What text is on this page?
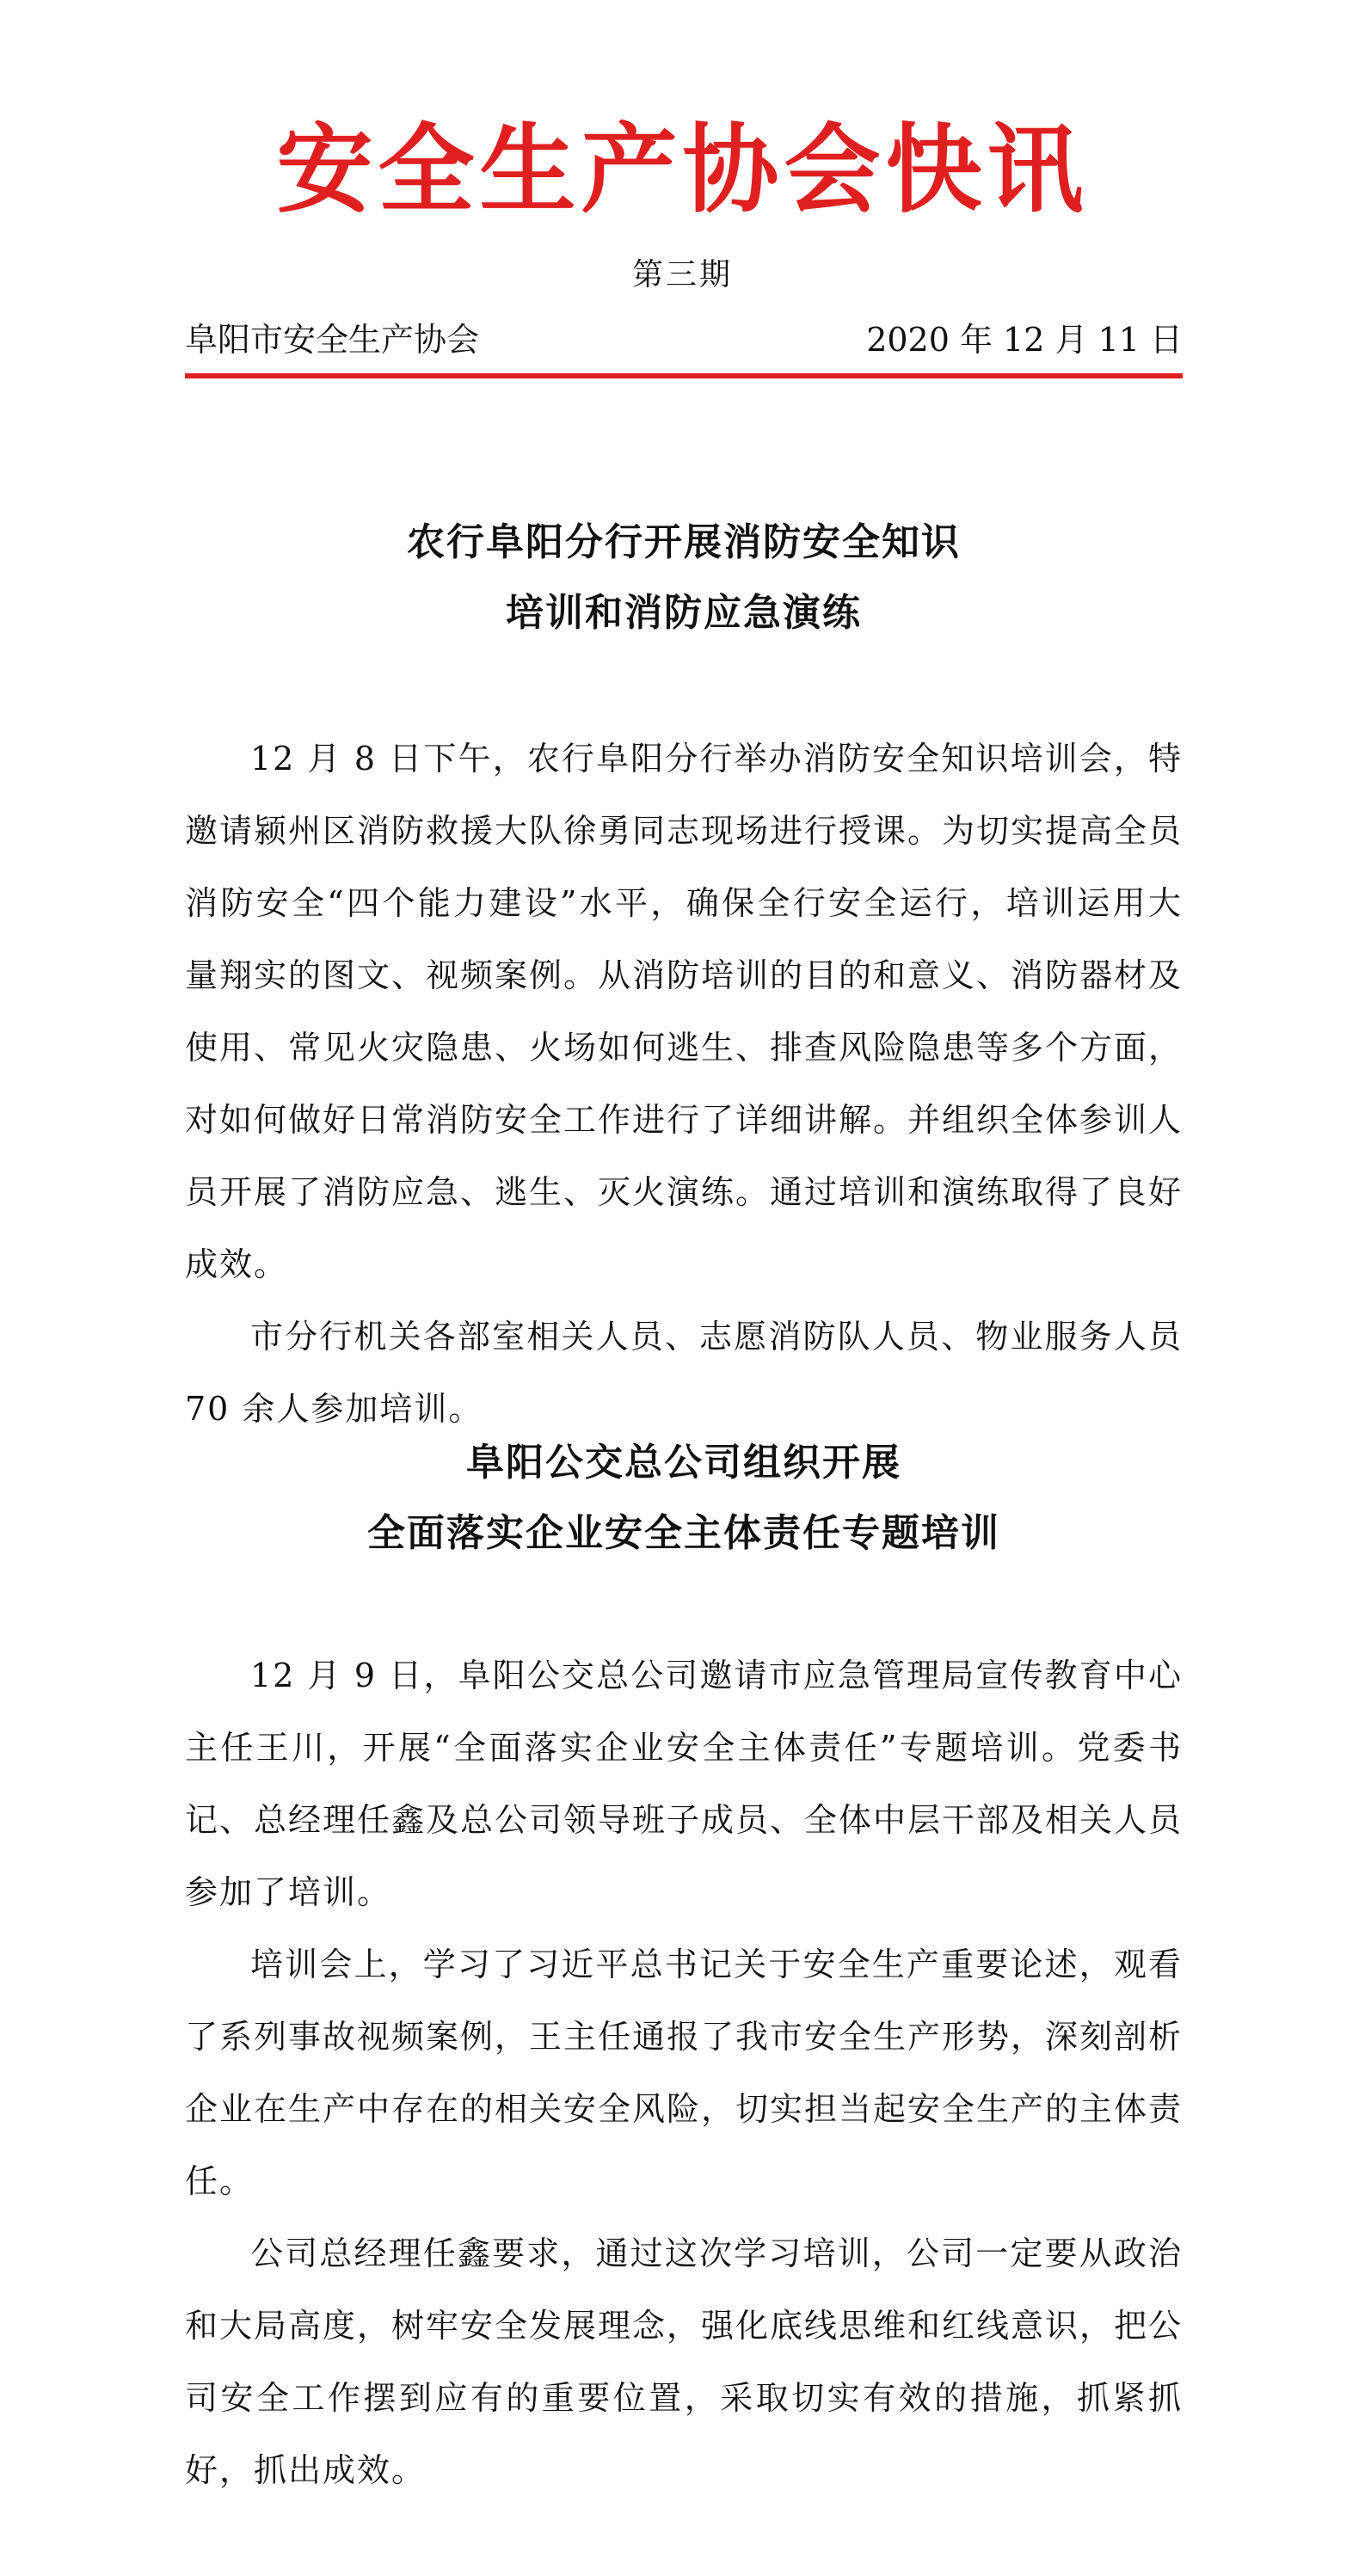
安全生产协会快讯
第三期
阜阳市安全生产协会	2020 年 12 月 11 日
农行阜阳分行开展消防安全知识
培训和消防应急演练

12 月 8 日下午，农行阜阳分行举办消防安全知识培训会，特邀请颍州区消防救援大队徐勇同志现场进行授课。为切实提高全员消防安全“四个能力建设”水平，确保全行安全运行，培训运用大量翔实的图文、视频案例。从消防培训的目的和意义、消防器材及使用、常见火灾隐患、火场如何逃生、排查风险隐患等多个方面，对如何做好日常消防安全工作进行了详细讲解。并组织全体参训人员开展了消防应急、逃生、灭火演练。通过培训和演练取得了良好成效。

市分行机关各部室相关人员、志愿消防队人员、物业服务人员 70 余人参加培训。

阜阳公交总公司组织开展
全面落实企业安全主体责任专题培训

12 月 9 日，阜阳公交总公司邀请市应急管理局宣传教育中心主任王川，开展“全面落实企业安全主体责任”专题培训。党委书记、总经理任鑫及总公司领导班子成员、全体中层干部及相关人员参加了培训。

培训会上，学习了习近平总书记关于安全生产重要论述，观看了系列事故视频案例，王主任通报了我市安全生产形势，深刻剖析企业在生产中存在的相关安全风险，切实担当起安全生产的主体责任。

公司总经理任鑫要求，通过这次学习培训，公司一定要从政治和大局高度，树牢安全发展理念，强化底线思维和红线意识，把公司安全工作摆到应有的重要位置，采取切实有效的措施，抓紧抓好，抓出成效。
